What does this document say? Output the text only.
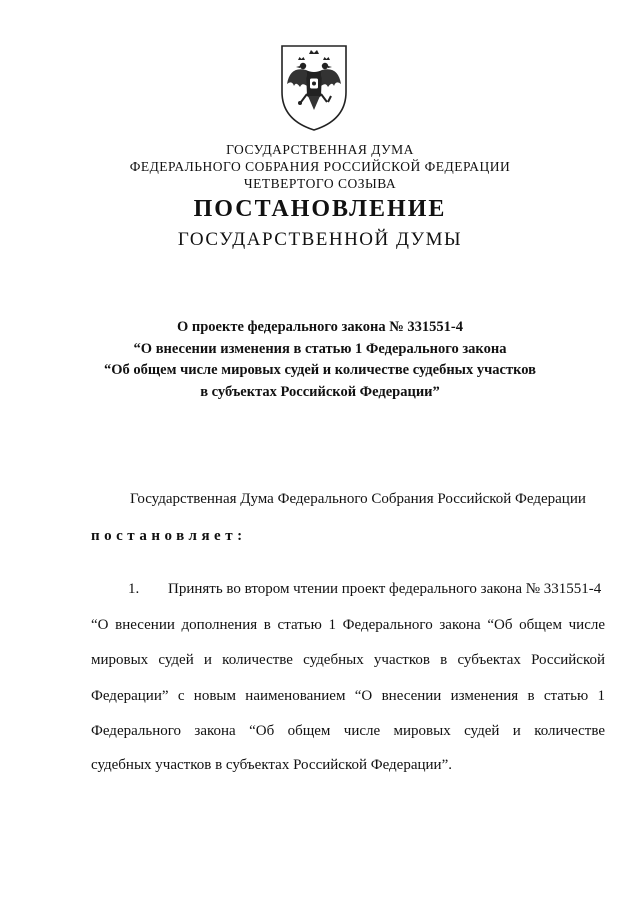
ГОСУДАРСТВЕННАЯ ДУМА
ФЕДЕРАЛЬНОГО СОБРАНИЯ РОССИЙСКОЙ ФЕДЕРАЦИИ
ЧЕТВЕРТОГО СОЗЫВА
ПОСТАНОВЛЕНИЕ
ГОСУДАРСТВЕННОЙ ДУМЫ
О проекте федерального закона № 331551-4
“О внесении изменения в статью 1 Федерального закона
“Об общем числе мировых судей и количестве судебных участков
в субъектах Российской Федерации”
Государственная Дума Федерального Собрания Российской Федерации
постановляет:
1. Принять во втором чтении проект федерального закона № 331551-4
“О внесении дополнения в статью 1 Федерального закона “Об общем числе
мировых судей и количестве судебных участков в субъектах Российской
Федерации” с новым наименованием “О внесении изменения в статью 1
Федерального закона “Об общем числе мировых судей и количестве
судебных участков в субъектах Российской Федерации”.
